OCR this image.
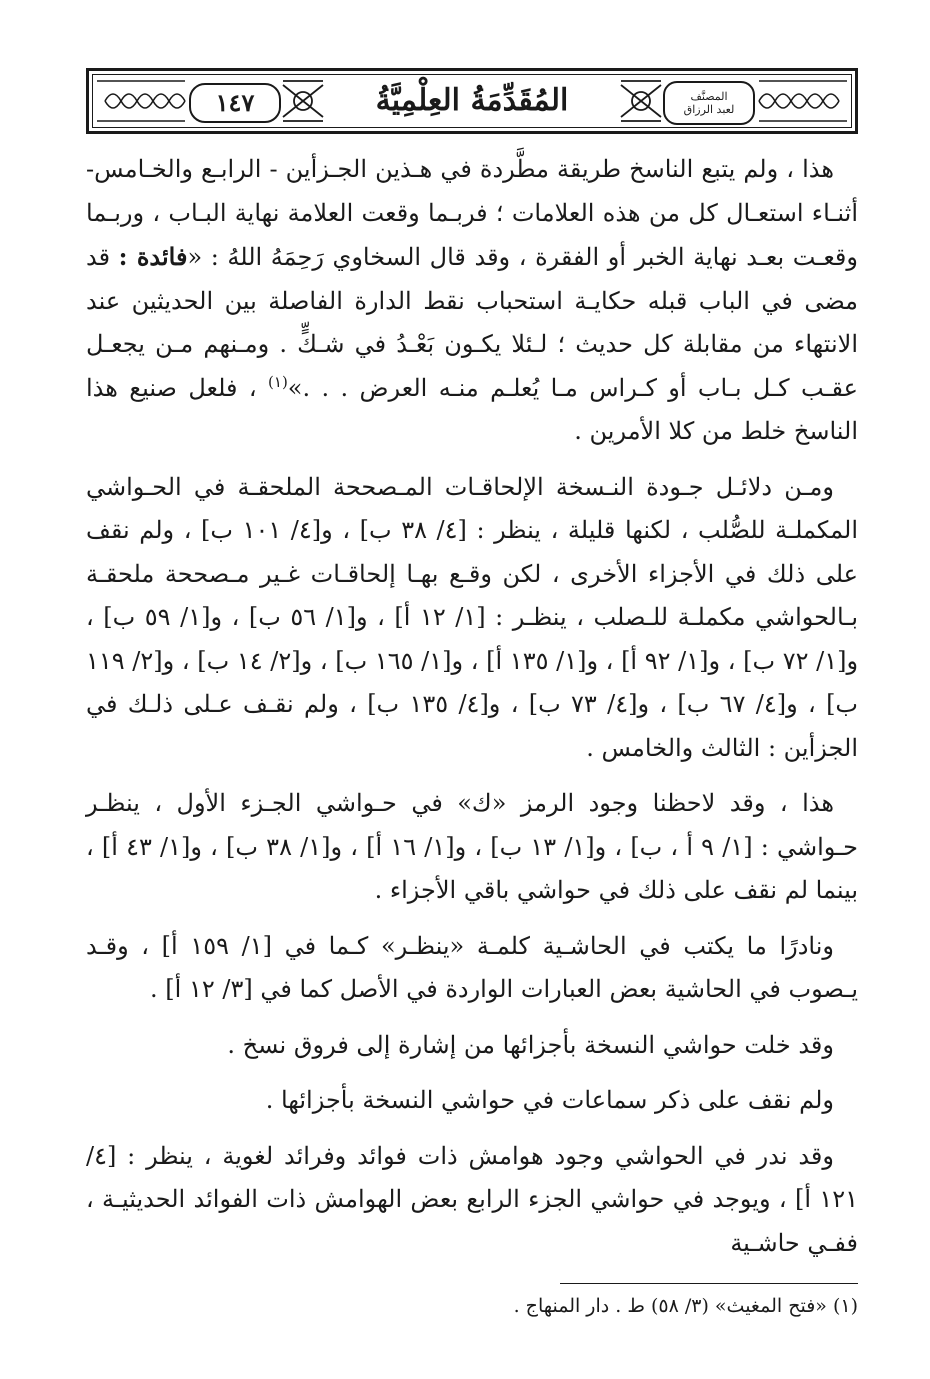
١٤٧	المُقَدِّمَةُ العِلْمِيَّةُ	المصنَّف
لعبد الرزاق

هذا ، ولم يتبع الناسخ طريقة مطَّردة في هـذين الجـزأين - الرابـع والخـامس- أثنـاء استعـال كل من هذه العلامات ؛ فربـما وقعت العلامة نهاية البـاب ، وربـما وقعـت بعـد نهاية الخبر أو الفقرة ، وقد قال السخاوي رَحِمَهُ اللهُ : «فائدة : قد مضى في الباب قبله حكايـة استحباب نقط الدارة الفاصلة بين الحديثين عند الانتهاء من مقابلة كل حديث ؛ لـئلا يكـون بَعْـدُ في شـكٍّ . ومـنهم مـن يجعـل عقـب كـل بـاب أو كـراس مـا يُعلـم منـه العرض . . .»$^{(١)}$ ، فلعل صنيع هذا الناسخ خلط من كلا الأمرين .

ومـن دلائـل جـودة النـسخة الإلحاقـات المـصححة الملحقـة في الحـواشي المكملـة للصُّلب ، لكنها قليلة ، ينظر : [٤/ ٣٨ ب] ، و[٤/ ١٠١ ب] ، ولم نقف على ذلك في الأجزاء الأخرى ، لكن وقـع بهـا إلحاقـات غـير مـصححة ملحقـة بـالحواشي مكملـة للـصلب ، ينظـر : [١/ ١٢ أ] ، و[١/ ٥٦ ب] ، و[١/ ٥٩ ب] ، و[١/ ٧٢ ب] ، و[١/ ٩٢ أ] ، و[١/ ١٣٥ أ] ، و[١/ ١٦٥ ب] ، و[٢/ ١٤ ب] ، و[٢/ ١١٩ ب] ، و[٤/ ٦٧ ب] ، و[٤/ ٧٣ ب] ، و[٤/ ١٣٥ ب] ، ولم نقـف عـلى ذلـك في الجزأين : الثالث والخامس .

هذا ، وقد لاحظنا وجود الرمز «ك» في حـواشي الجـزء الأول ، ينظـر حـواشي : [١/ ٩ أ ، ب] ، و[١/ ١٣ ب] ، و[١/ ١٦ أ] ، و[١/ ٣٨ ب] ، و[١/ ٤٣ أ] ، بينما لم نقف على ذلك في حواشي باقي الأجزاء .

ونادرًا ما يكتب في الحاشـية كلمـة «ينظـر» كـما في [١/ ١٥٩ أ] ، وقـد يـصوب في الحاشية بعض العبارات الواردة في الأصل كما في [٣/ ١٢ أ] .

وقد خلت حواشي النسخة بأجزائها من إشارة إلى فروق نسخ .

ولم نقف على ذكر سماعات في حواشي النسخة بأجزائها .

وقد ندر في الحواشي وجود هوامش ذات فوائد وفرائد لغوية ، ينظر : [٤/ ١٢١ أ] ، ويوجد في حواشي الجزء الرابع بعض الهوامش ذات الفوائد الحديثيـة ، ففـي حاشـية

(١) «فتح المغيث» (٣/ ٥٨) ط . دار المنهاج .
